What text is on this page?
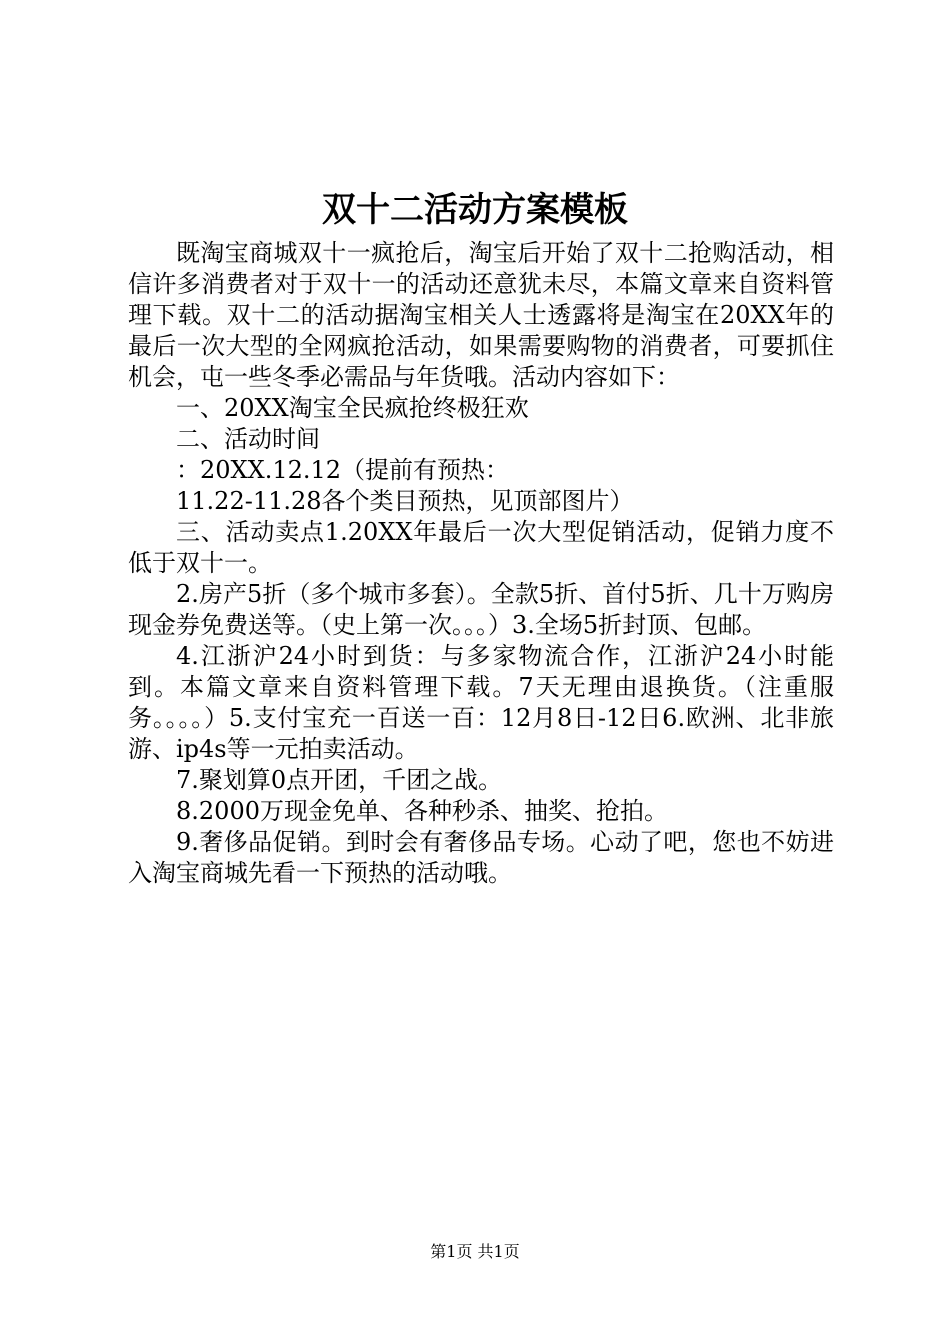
双十二活动方案模板

既淘宝商城双十一疯抢后，淘宝后开始了双十二抢购活动，相信许多消费者对于双十一的活动还意犹未尽，本篇文章来自资料管理下载。双十二的活动据淘宝相关人士透露将是淘宝在20XX年的最后一次大型的全网疯抢活动，如果需要购物的消费者，可要抓住机会，屯一些冬季必需品与年货哦。活动内容如下：

一、20XX淘宝全民疯抢终极狂欢

二、活动时间

：20XX.12.12（提前有预热：

11.22-11.28各个类目预热，见顶部图片）

三、活动卖点1.20XX年最后一次大型促销活动，促销力度不低于双十一。

2.房产5折（多个城市多套）。全款5折、首付5折、几十万购房现金券免费送等。（史上第一次。。。）3.全场5折封顶、包邮。

4.江浙沪24小时到货：与多家物流合作，江浙沪24小时能到。本篇文章来自资料管理下载。7天无理由退换货。（注重服务。。。。）5.支付宝充一百送一百：12月8日-12日6.欧洲、北非旅游、ip4s等一元拍卖活动。

7.聚划算0点开团，千团之战。

8.2000万现金免单、各种秒杀、抽奖、抢拍。

9.奢侈品促销。到时会有奢侈品专场。心动了吧，您也不妨进入淘宝商城先看一下预热的活动哦。

第1页 共1页
